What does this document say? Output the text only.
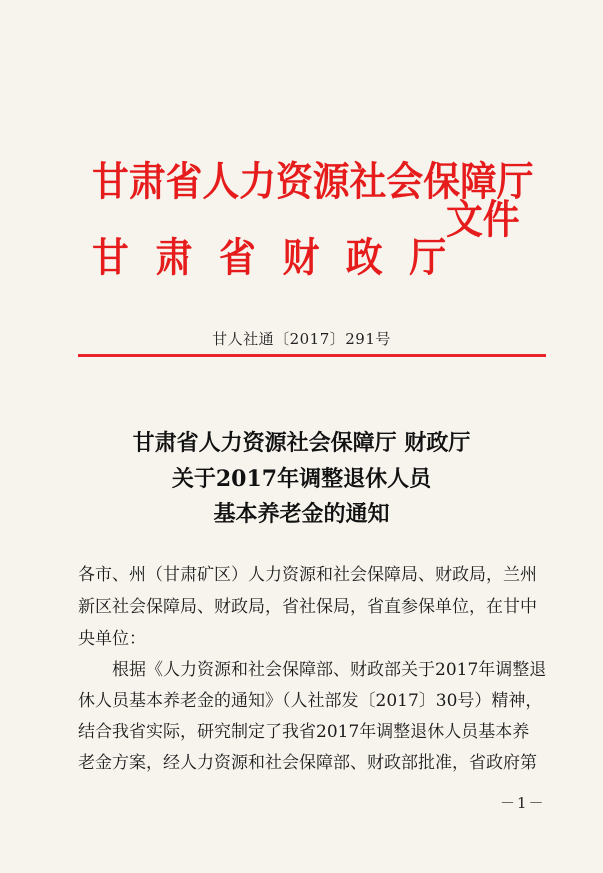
甘肃省人力资源社会保障厅
甘肃省财政厅
文件
甘人社通〔2017〕291号
甘肃省人力资源社会保障厅 财政厅
关于2017年调整退休人员
基本养老金的通知
各市、州（甘肃矿区）人力资源和社会保障局、财政局，兰州
新区社会保障局、财政局，省社保局，省直参保单位，在甘中
央单位：
根据《人力资源和社会保障部、财政部关于2017年调整退
休人员基本养老金的通知》（人社部发〔2017〕30号）精神，
结合我省实际，研究制定了我省2017年调整退休人员基本养
老金方案，经人力资源和社会保障部、财政部批准，省政府第
－1－
